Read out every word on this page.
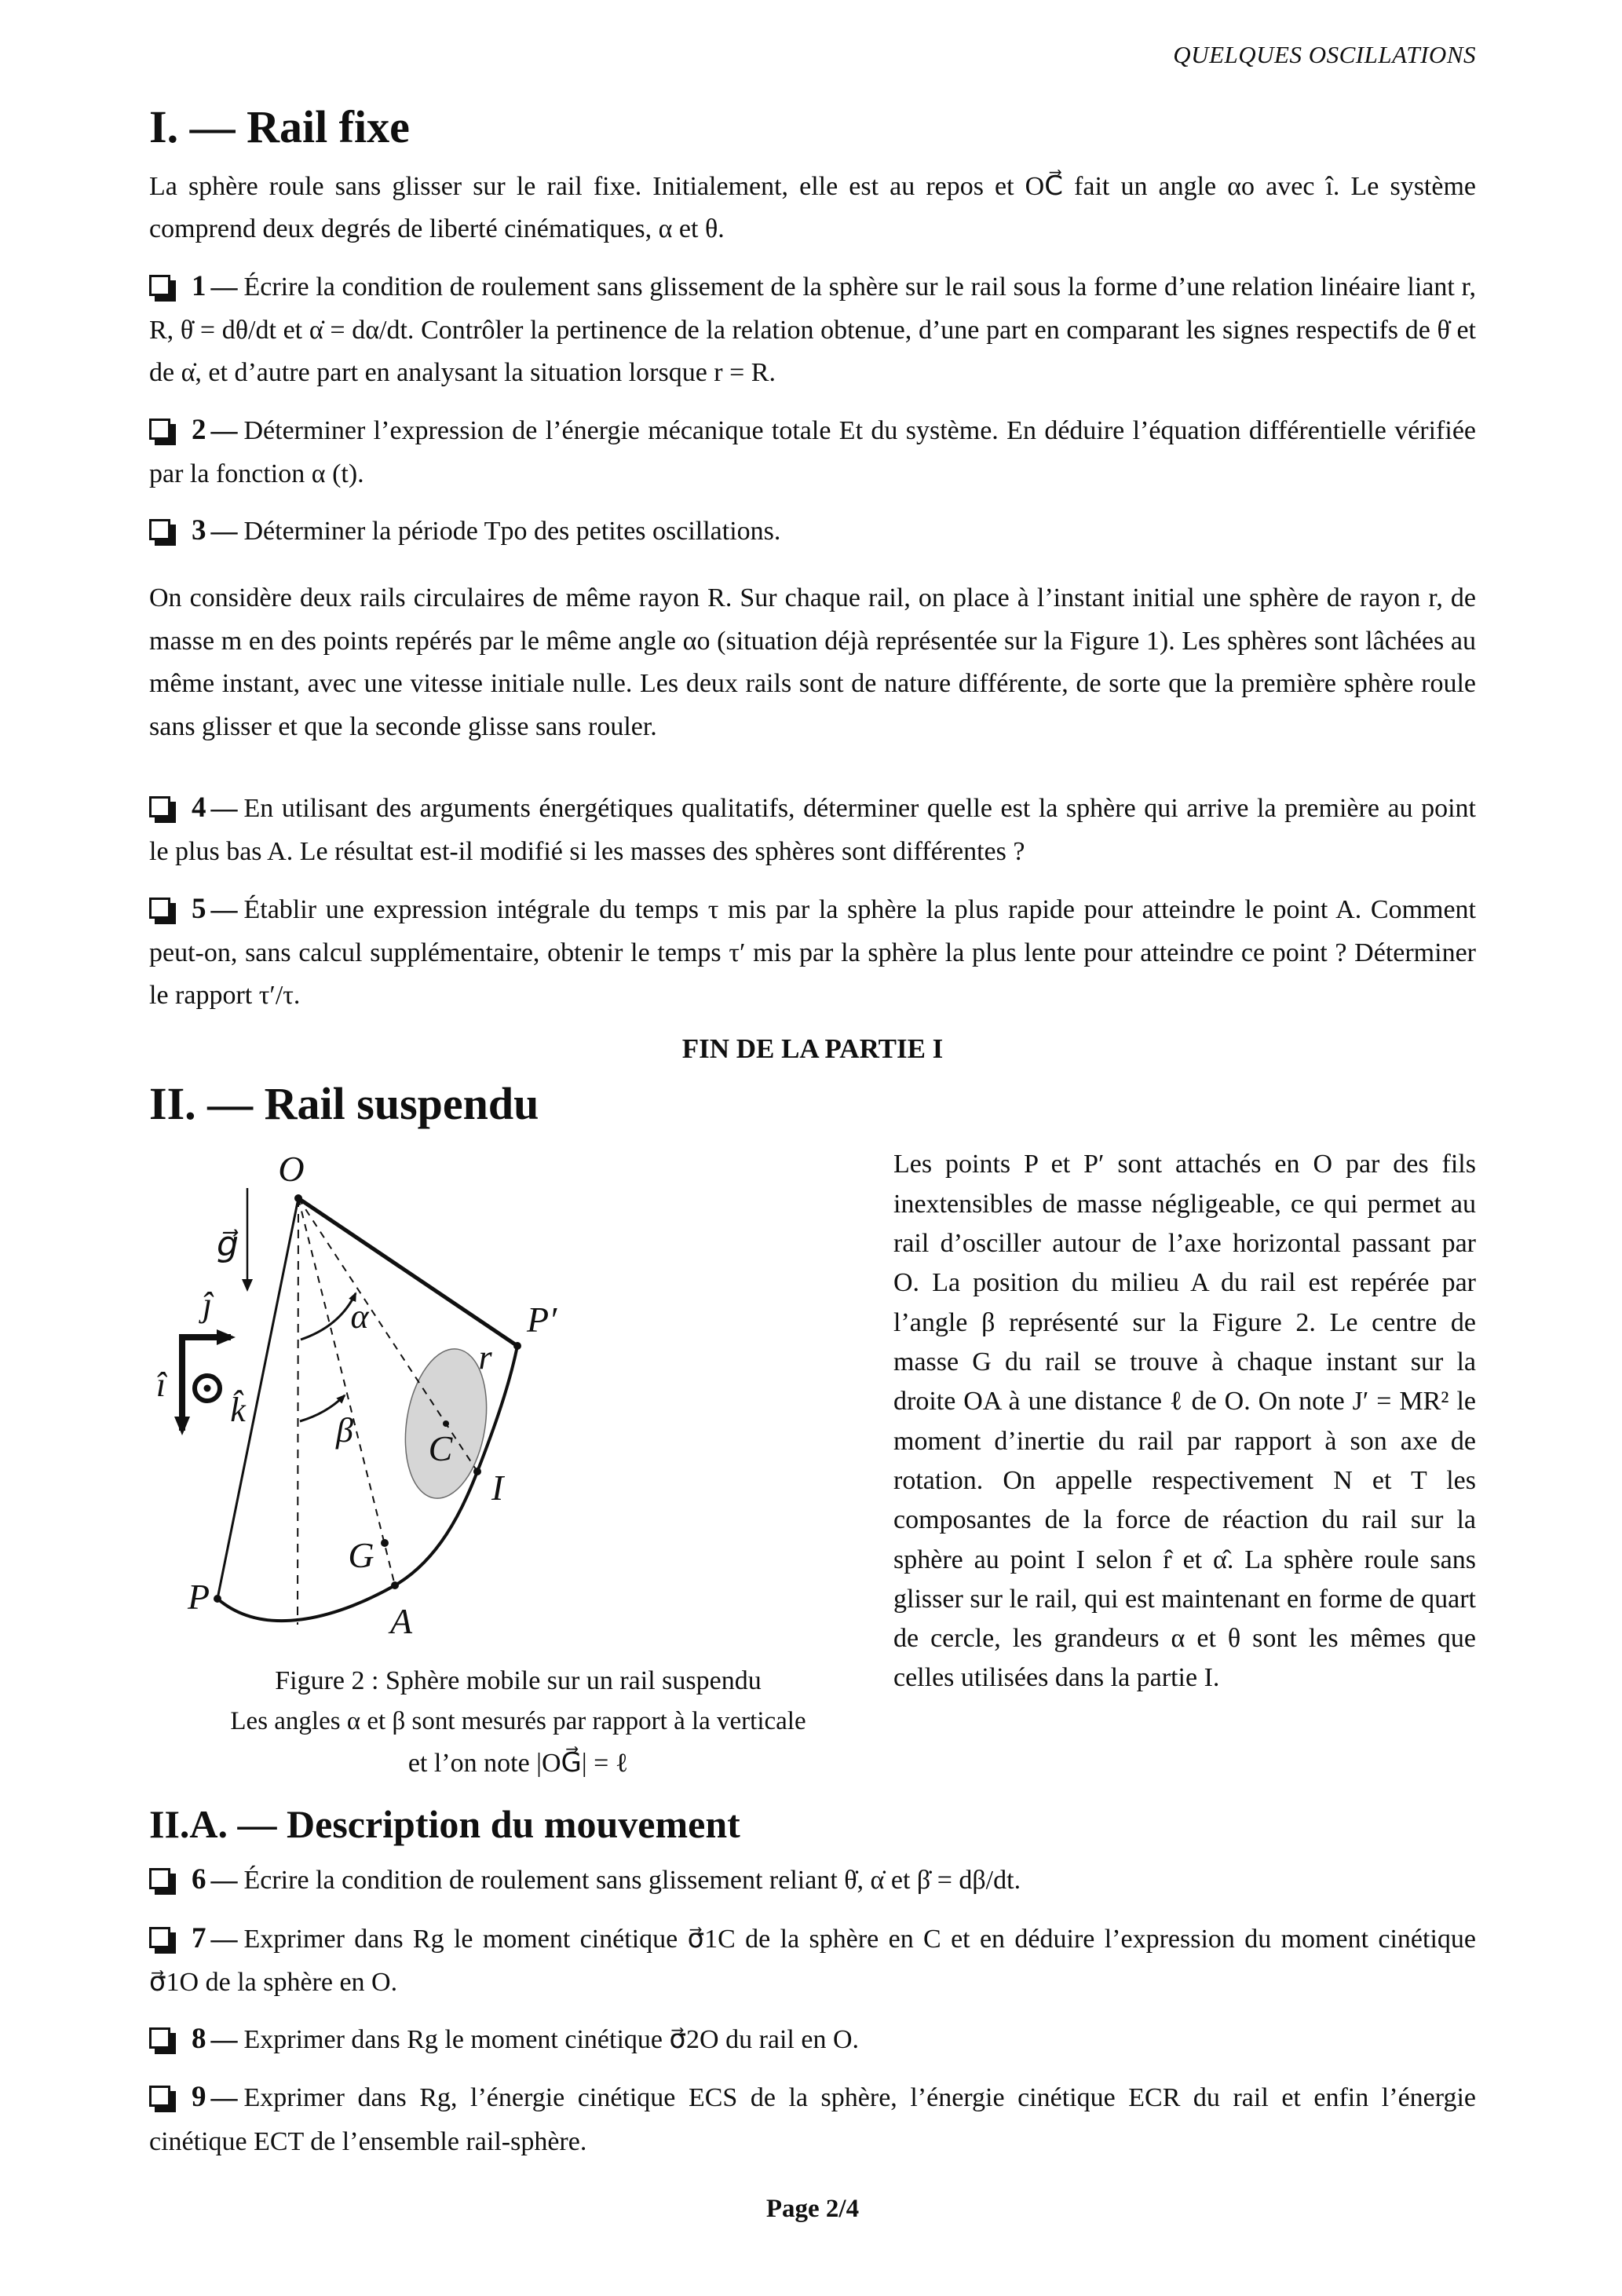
QUELQUES OSCILLATIONS
I. — Rail fixe

La sphère roule sans glisser sur le rail fixe. Initialement, elle est au repos et OC⃗ fait un angle αo avec î. Le système comprend deux degrés de liberté cinématiques, α et θ.

1 — Écrire la condition de roulement sans glissement de la sphère sur le rail sous la forme d’une relation linéaire liant r, R, θ̇ = dθ/dt et α̇ = dα/dt. Contrôler la pertinence de la relation obtenue, d’une part en comparant les signes respectifs de θ̇ et de α̇, et d’autre part en analysant la situation lorsque r = R.

2 — Déterminer l’expression de l’énergie mécanique totale Et du système. En déduire l’équation différentielle vérifiée par la fonction α (t).

3 — Déterminer la période Tpo des petites oscillations.

On considère deux rails circulaires de même rayon R. Sur chaque rail, on place à l’instant initial une sphère de rayon r, de masse m en des points repérés par le même angle αo (situation déjà représentée sur la Figure 1). Les sphères sont lâchées au même instant, avec une vitesse initiale nulle. Les deux rails sont de nature différente, de sorte que la première sphère roule sans glisser et que la seconde glisse sans rouler.

4 — En utilisant des arguments énergétiques qualitatifs, déterminer quelle est la sphère qui arrive la première au point le plus bas A. Le résultat est-il modifié si les masses des sphères sont différentes ?

5 — Établir une expression intégrale du temps τ mis par la sphère la plus rapide pour atteindre le point A. Comment peut-on, sans calcul supplémentaire, obtenir le temps τ′ mis par la sphère la plus lente pour atteindre ce point ? Déterminer le rapport τ′/τ.

FIN DE LA PARTIE I
II. — Rail suspendu
O
g⃗
ĵ
î
k̂
α
β C
r
P′
I
G
P
A
Figure 2 : Sphère mobile sur un rail suspendu
Les angles α et β sont mesurés par rapport à la verticale
et l’on note |OG⃗| = ℓ

Les points P et P′ sont attachés en O par des fils inextensibles de masse négligeable, ce qui permet au rail d’osciller autour de l’axe horizontal passant par O. La position du milieu A du rail est repérée par l’angle β représenté sur la Figure 2. Le centre de masse G du rail se trouve à chaque instant sur la droite OA à une distance ℓ de O. On note J′ = MR² le moment d’inertie du rail par rapport à son axe de rotation. On appelle respectivement N et T les composantes de la force de réaction du rail sur la sphère au point I selon r̂ et α̂. La sphère roule sans glisser sur le rail, qui est maintenant en forme de quart de cercle, les grandeurs α et θ sont les mêmes que celles utilisées dans la partie I.

II.A. — Description du mouvement

6 — Écrire la condition de roulement sans glissement reliant θ̇, α̇ et β̇ = dβ/dt.

7 — Exprimer dans Rg le moment cinétique σ⃗1C de la sphère en C et en déduire l’expression du moment cinétique σ⃗1O de la sphère en O.

8 — Exprimer dans Rg le moment cinétique σ⃗2O du rail en O.

9 — Exprimer dans Rg, l’énergie cinétique ECS de la sphère, l’énergie cinétique ECR du rail et enfin l’énergie cinétique ECT de l’ensemble rail-sphère.

Page 2/4
